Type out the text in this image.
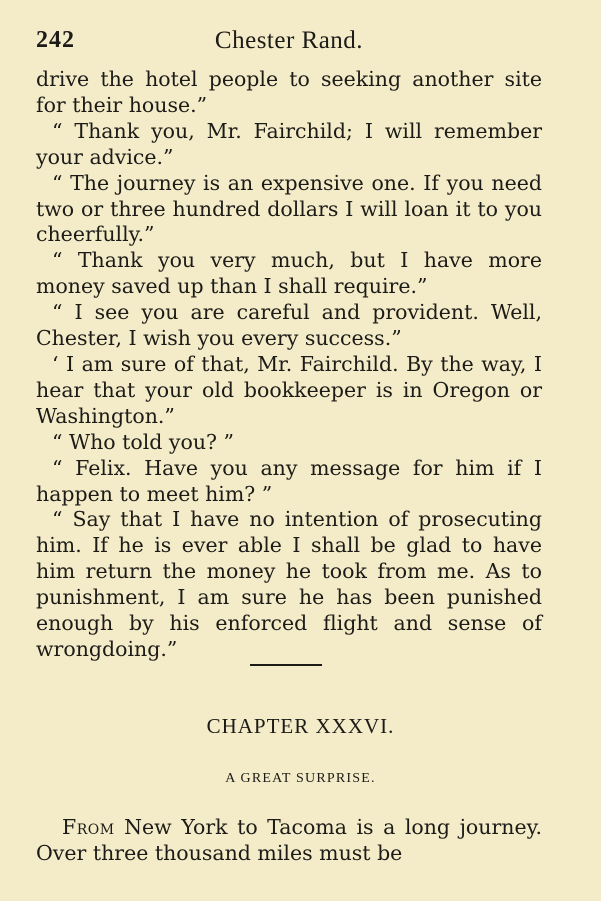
242	Chester Rand.

drive the hotel people to seeking another site for their house.”

“ Thank you, Mr. Fairchild; I will remember your advice.”

“ The journey is an expensive one. If you need two or three hundred dollars I will loan it to you cheerfully.”

“ Thank you very much, but I have more money saved up than I shall require.”

“ I see you are careful and provident. Well, Chester, I wish you every success.”

‘ I am sure of that, Mr. Fairchild. By the way, I hear that your old bookkeeper is in Oregon or Washington.”

“ Who told you? ”

“ Felix. Have you any message for him if I happen to meet him? ”

“ Say that I have no intention of prosecuting him. If he is ever able I shall be glad to have him return the money he took from me. As to punishment, I am sure he has been punished enough by his enforced flight and sense of wrongdoing.”

CHAPTER XXXVI.
A GREAT SURPRISE.

From New York to Tacoma is a long journey. Over three thousand miles must be
